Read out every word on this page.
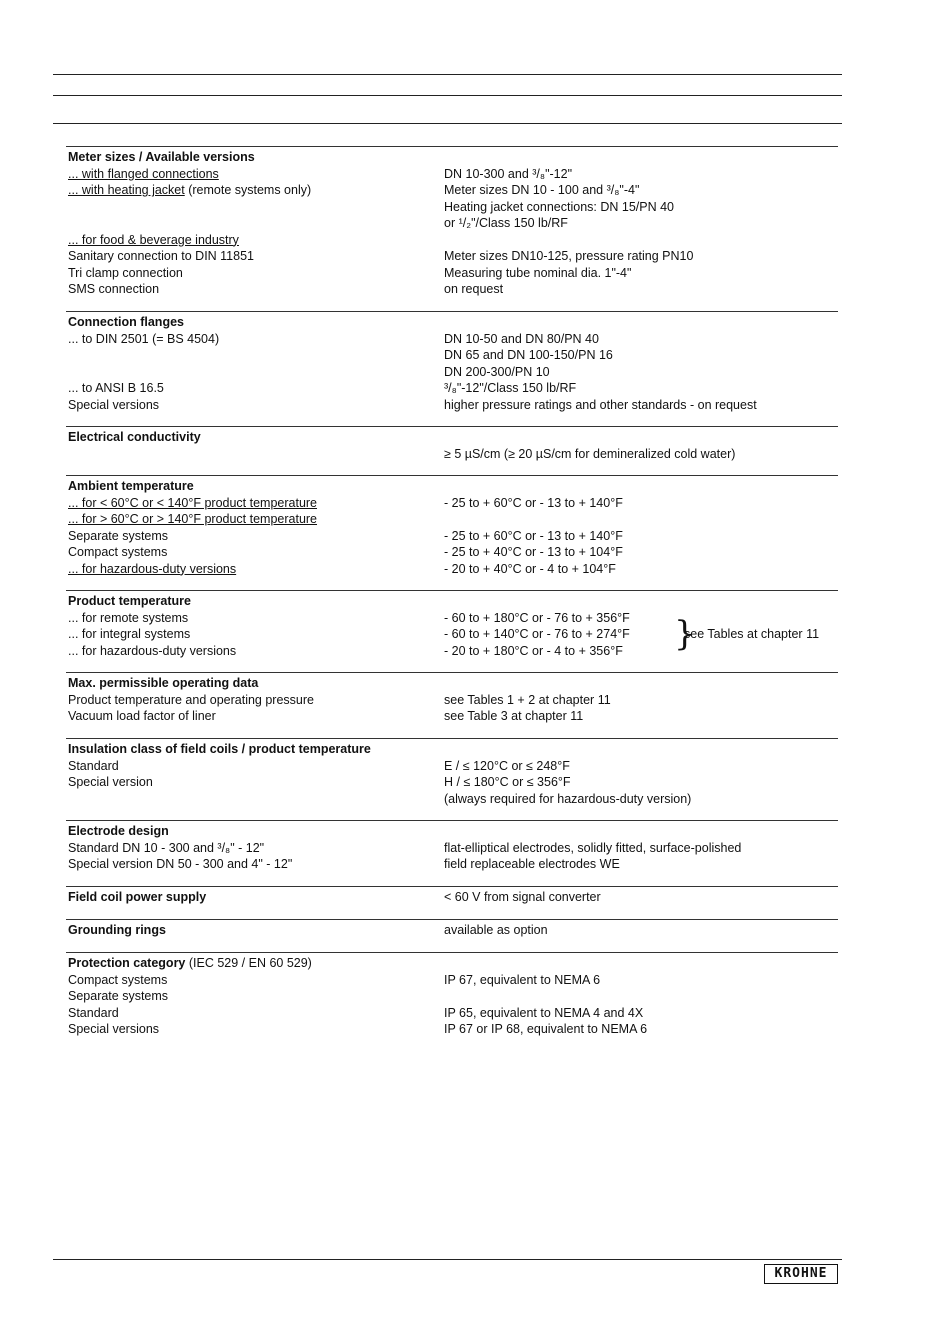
Meter sizes / Available versions
... with flanged connections	DN 10-300 and ³/₈"-12"
... with heating jacket (remote systems only)	Meter sizes DN 10 - 100 and ³/₈"-4"
Heating jacket connections: DN 15/PN 40
or ¹/₂"/Class 150 lb/RF
... for food & beverage industry
Sanitary connection to DIN 11851	Meter sizes DN10-125, pressure rating PN10
Tri clamp connection	Measuring tube nominal dia. 1"-4"
SMS connection	on request
Connection flanges
... to DIN 2501 (= BS 4504)	DN 10-50 and DN 80/PN 40
DN 65 and DN 100-150/PN 16
DN 200-300/PN 10
... to ANSI B 16.5	³/₈"-12"/Class 150 lb/RF
Special versions	higher pressure ratings and other standards - on request
Electrical conductivity
≥ 5 µS/cm (≥ 20 µS/cm for demineralized cold water)
Ambient temperature
... for < 60°C or < 140°F product temperature	- 25 to + 60°C or - 13 to + 140°F
... for > 60°C or > 140°F product temperature
Separate systems	- 25 to + 60°C or - 13 to + 140°F
Compact systems	- 25 to + 40°C or - 13 to + 104°F
... for hazardous-duty versions	- 20 to + 40°C or - 4 to + 104°F
Product temperature
... for remote systems	- 60 to + 180°C or - 76 to + 356°F
... for integral systems	- 60 to + 140°C or - 76 to + 274°F
... for hazardous-duty versions	- 20 to + 180°C or - 4 to + 356°F }
see Tables at chapter 11
Max. permissible operating data
Product temperature and operating pressure	see Tables 1 + 2 at chapter 11
Vacuum load factor of liner	see Table 3 at chapter 11
Insulation class of field coils / product temperature
Standard	E / ≤ 120°C or ≤ 248°F
Special version	H / ≤ 180°C or ≤ 356°F
(always required for hazardous-duty version)
Electrode design
Standard DN 10 - 300 and ³/₈" - 12"	flat-elliptical electrodes, solidly fitted, surface-polished
Special version DN 50 - 300 and 4" - 12"	field replaceable electrodes WE
Field coil power supply	< 60 V from signal converter
Grounding rings	available as option
Protection category (IEC 529 / EN 60 529)
Compact systems	IP 67, equivalent to NEMA 6
Separate systems
Standard	IP 65, equivalent to NEMA 4 and 4X
Special versions	IP 67 or IP 68, equivalent to NEMA 6
KROHNE
